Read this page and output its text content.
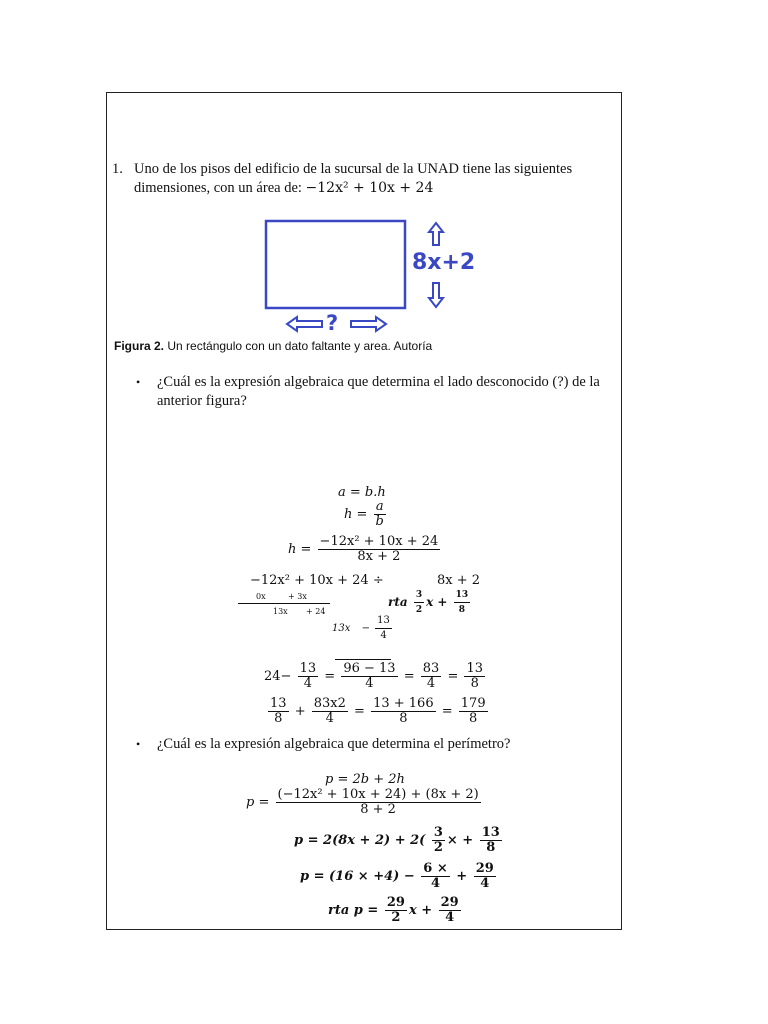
1. Uno de los pisos del edificio de la sucursal de la UNAD tiene las siguientes
dimensiones, con un área de: −12x² + 10x + 24
8x+2
?
Figura 2. Un rectángulo con un dato faltante y area. Autoría
• ¿Cuál es la expresión algebraica que determina el lado desconocido (?) de la
anterior figura?
a = b.h
$h = \frac{a}{b}$
$h = \frac{\text{−12x² + 10x + 24}}{8x + 2}$
−12x² + 10x + 24 ÷	8x + 2
0x	+ 3x
13x + 24
rta $\frac{3}{2}$ $x + \frac{13}{8}$
$13x - \frac{13}{4}$
$24- \frac{13}{4} = \frac{96 - 13}{4} = \frac{83}{4} = \frac{13}{8}$
$\frac{13}{8} + \frac{83x2}{4} = \frac{13 + 166}{8} = \frac{179}{8}$
• ¿Cuál es la expresión algebraica que determina el perímetro?
p = 2b + 2h
$p = \frac{\text{(−12x² + 10x + 24) + (8x + 2)}}{8 + 2}$
$p = 2(8x + 2) + 2( \frac{3}{2}$ × + $\frac{13}{8}$
$p = (16 \times +4) - \frac{6 \times}{4} + \frac{29}{4}$
rta $p = \frac{29}{2}$ $x + \frac{29}{4}$
